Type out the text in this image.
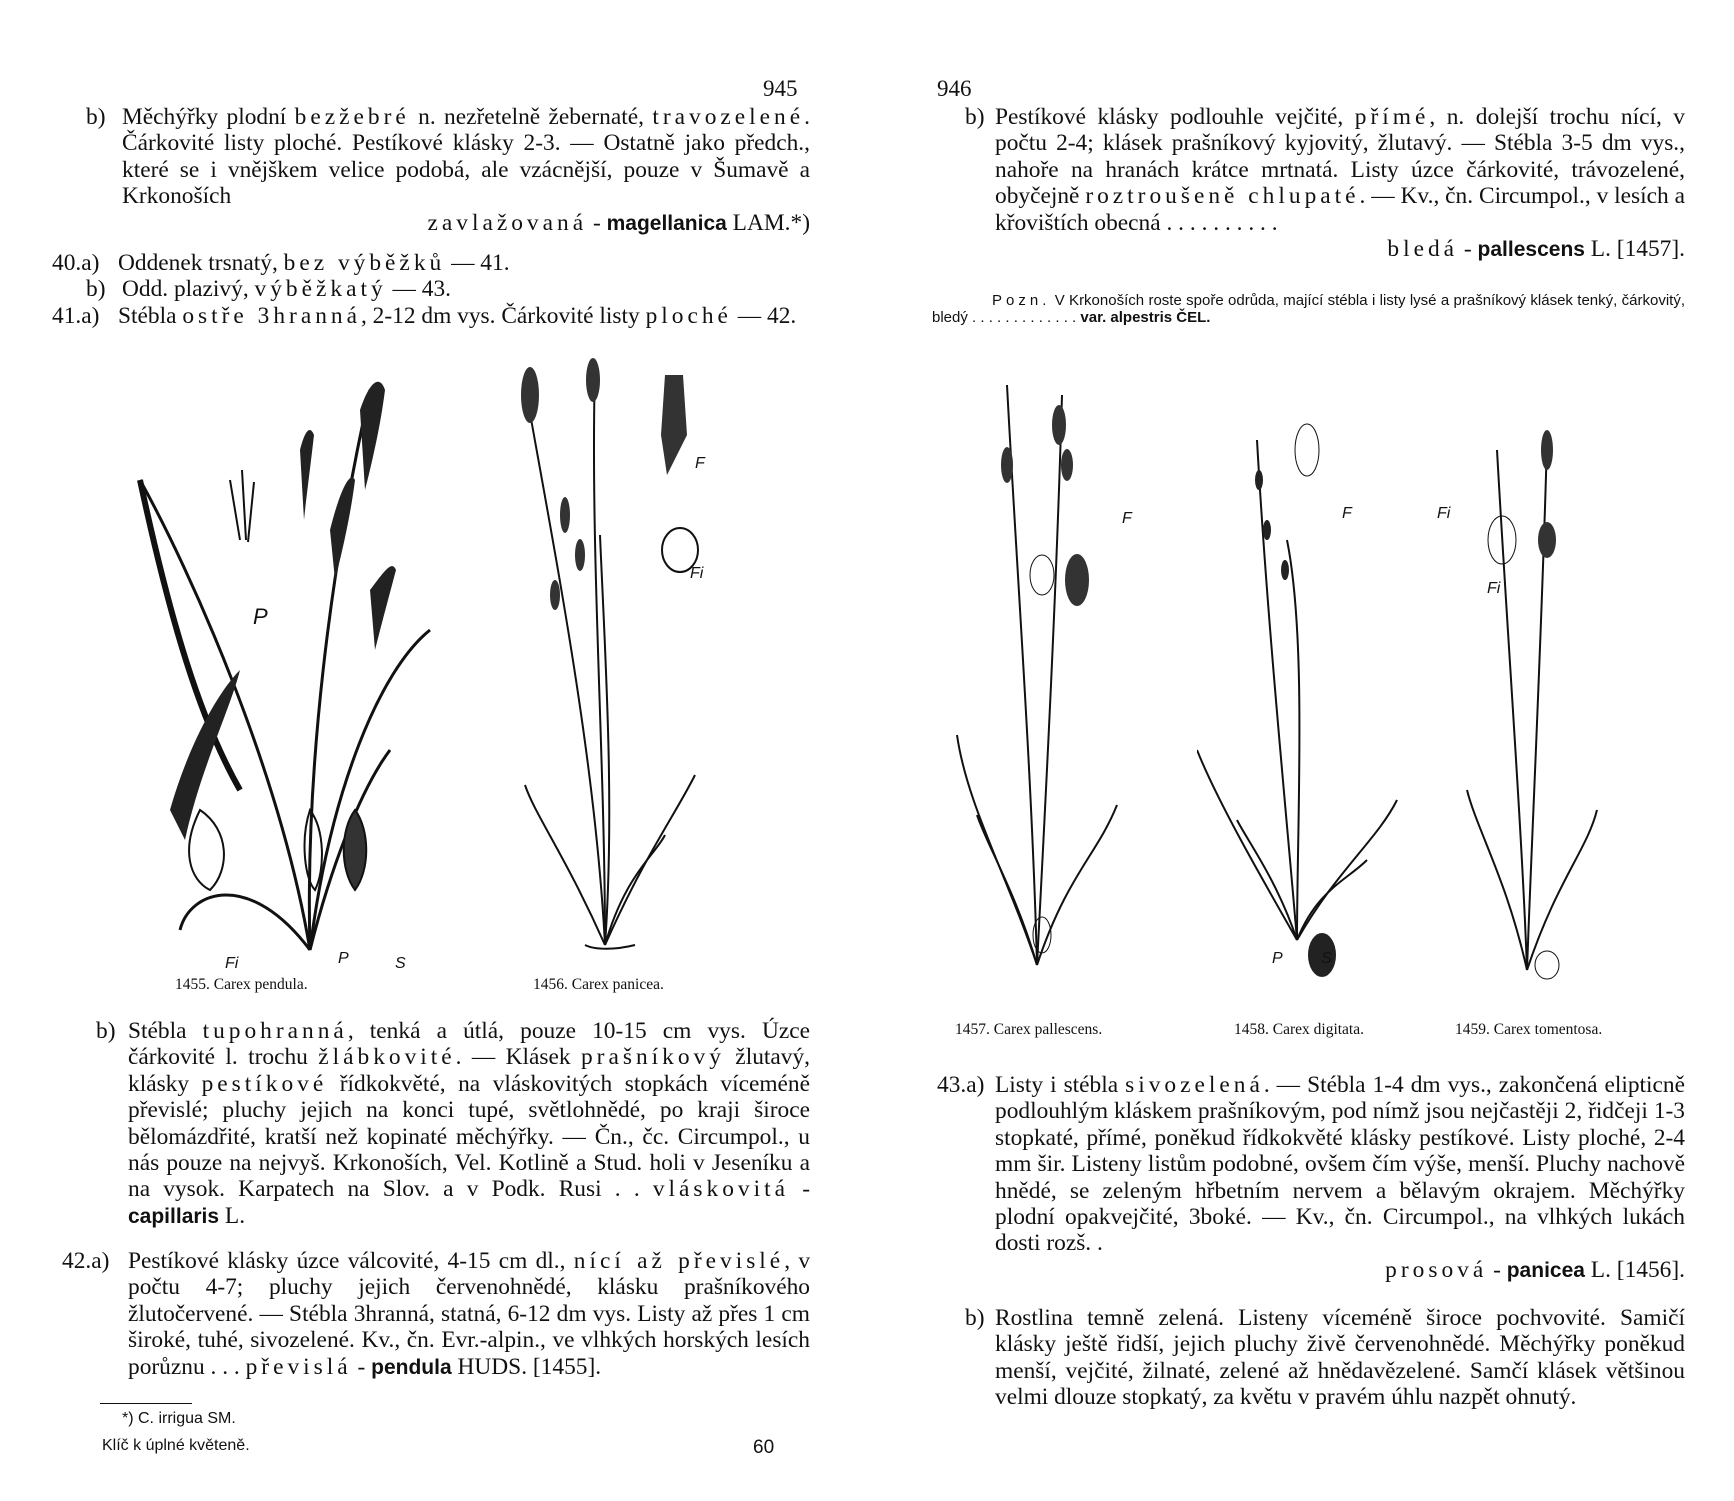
945
b) Měchýřky plodní bezžebré n. nezřetelně žebernaté, travozelené. Čárkovité listy ploché. Pestíkové klásky 2-3. — Ostatně jako předch., které se i vnějškem velice podobá, ale vzácnější, pouze v Šumavě a Krkonoších
zavlažovaná - magellanica LAM.*)
40.a) Oddenek trsnatý, bez výběžků — 41.
b) Odd. plazivý, výběžkatý — 43.
41.a) Stébla ostře 3hranná, 2-12 dm vys. Čárkovité listy ploché — 42.

P
Fi	P	S
F
Fi
1455. Carex pendula.	1456. Carex panicea.
b) Stébla tupohranná, tenká a útlá, pouze 10-15 cm vys. Úzce čárkovité l. trochu žlábkovité. — Klásek prašníkový žlutavý, klásky pestíkové řídkokvěté, na vláskovitých stopkách víceméně převislé; pluchy jejich na konci tupé, světlohnědé, po kraji široce bělomázdřité, kratší než kopinaté měchýřky. — Čn., čc. Circumpol., u nás pouze na nejvyš. Krkonoších, Vel. Kotlině a Stud. holi v Jeseníku a na vysok. Karpatech na Slov. a v Podk. Rusi . . vláskovitá - capillaris L.
42.a) Pestíkové klásky úzce válcovité, 4-15 cm dl., nící až převislé, v počtu 4-7; pluchy jejich červenohnědé, klásku prašníkového žlutočervené. — Stébla 3hranná, statná, 6-12 dm vys. Listy až přes 1 cm široké, tuhé, sivozelené. Kv., čn. Evr.-alpin., ve vlhkých horských lesích porůznu . . . převislá - pendula HUDS. [1455].
*) C. irrigua SM.
Klíč k úplné květeně.	60
946
b) Pestíkové klásky podlouhle vejčité, přímé, n. dolejší trochu nící, v počtu 2-4; klásek prašníkový kyjovitý, žlutavý. — Stébla 3-5 dm vys., nahoře na hranách krátce mrtnatá. Listy úzce čárkovité, trávozelené, obyčejně roztroušeně chlupaté. — Kv., čn. Circumpol., v lesích a křovištích obecná . . . . . . . . . .
bledá - pallescens L. [1457].
Pozn. V Krkonoších roste spoře odrůda, mající stébla i listy lysé a prašníkový klásek tenký, čárkovitý, bledý . . . . . . . . . . . . . var. alpestris ČEL.
F	F	Fi
Fi
P S
1457. Carex pallescens.	1458. Carex digitata.	1459. Carex tomentosa.
43.a) Listy i stébla sivozelená. — Stébla 1-4 dm vys., zakončená elipticně podlouhlým kláskem prašníkovým, pod nímž jsou nejčastěji 2, řidčeji 1-3 stopkaté, přímé, poněkud řídkokvěté klásky pestíkové. Listy ploché, 2-4 mm šir. Listeny listům podobné, ovšem čím výše, menší. Pluchy nachově hnědé, se zeleným hřbetním nervem a bělavým okrajem. Měchýřky plodní opakvejčité, 3boké. — Kv., čn. Circumpol., na vlhkých lukách dosti rozš. .
prosová - panicea L. [1456].
b) Rostlina temně zelená. Listeny víceméně široce pochvovité. Samičí klásky ještě řidší, jejich pluchy živě červenohnědé. Měchýřky poněkud menší, vejčité, žilnaté, zelené až hnědavězelené. Samčí klásek většinou velmi dlouze stopkatý, za květu v pravém úhlu nazpět ohnutý.
